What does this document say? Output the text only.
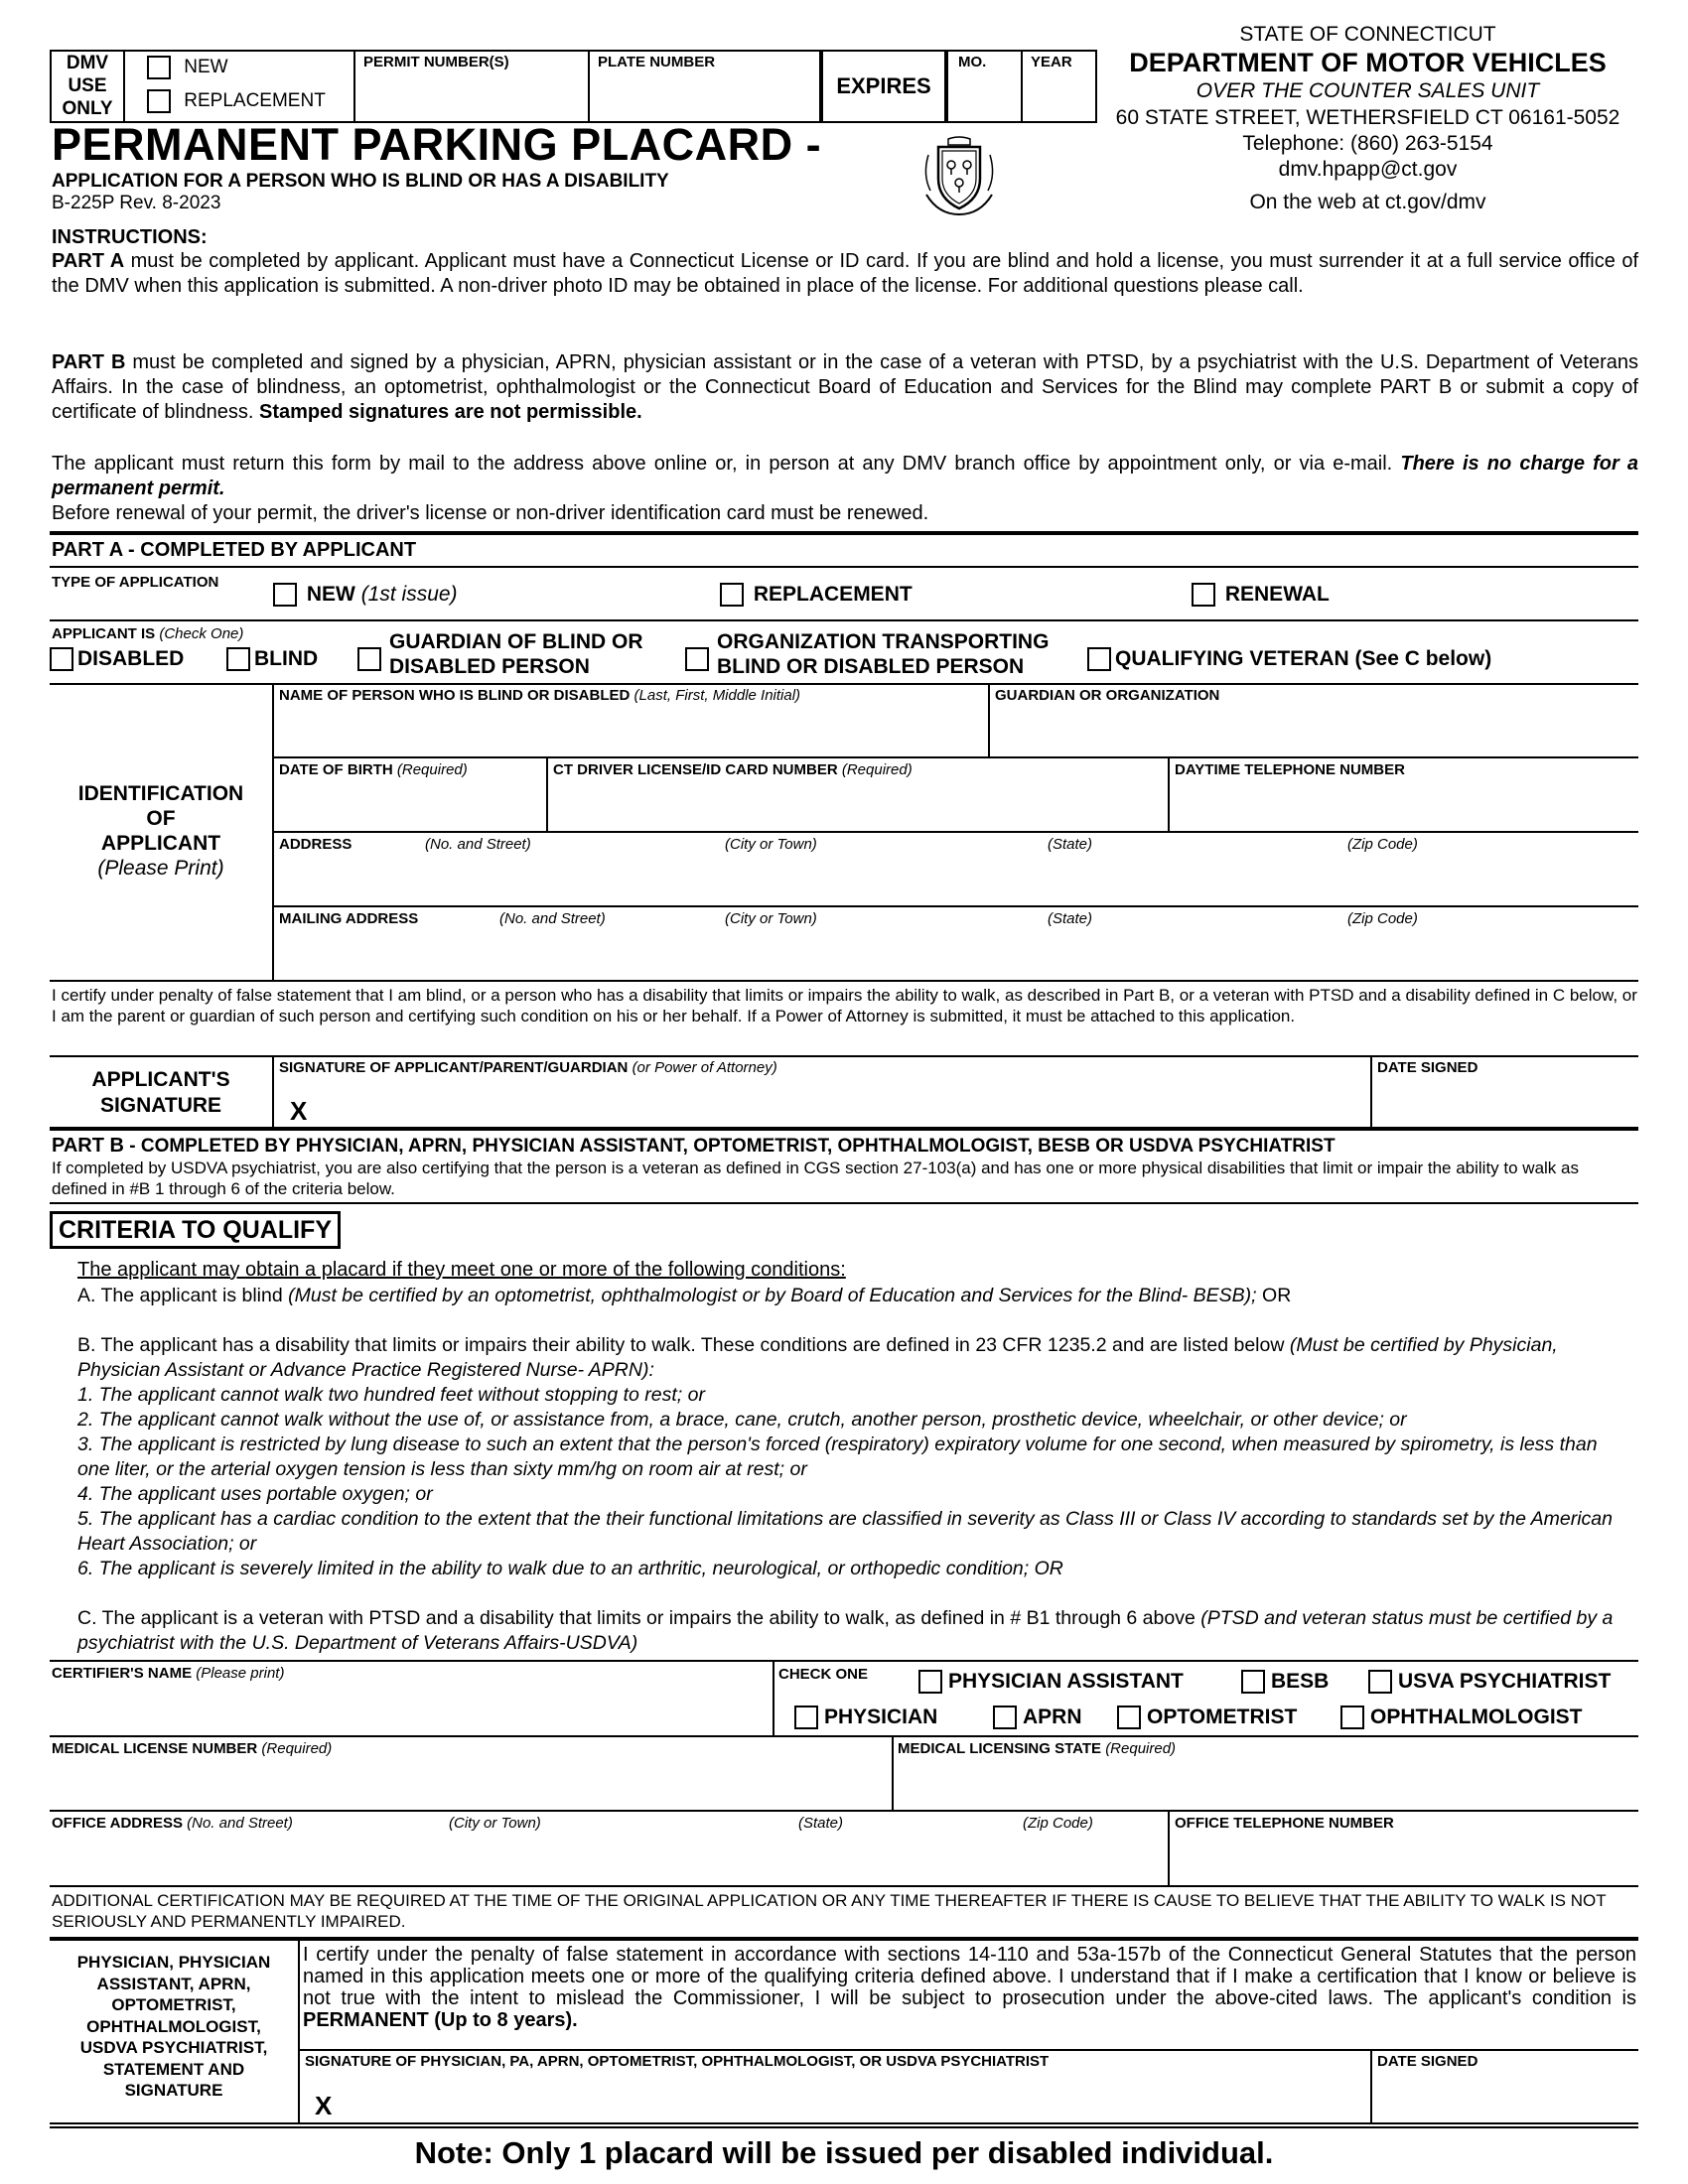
DMV
USE
ONLY
NEW
REPLACEMENT
PERMIT NUMBER(S)	PLATE NUMBER
EXPIRES
MO.	YEAR
STATE OF CONNECTICUT
DEPARTMENT OF MOTOR VEHICLES
OVER THE COUNTER SALES UNIT
60 STATE STREET, WETHERSFIELD CT 06161-5052
Telephone: (860) 263-5154
dmv.hpapp@ct.gov
On the web at ct.gov/dmv
PERMANENT PARKING PLACARD -
APPLICATION FOR A PERSON WHO IS BLIND OR HAS A DISABILITY
B-225P Rev. 8-2023
INSTRUCTIONS:
PART A must be completed by applicant. Applicant must have a Connecticut License or ID card. If you are blind and hold a license, you must surrender it at a full service office of the DMV when this application is submitted. A non-driver photo ID may be obtained in place of the license. For additional questions please call.
PART B must be completed and signed by a physician, APRN, physician assistant or in the case of a veteran with PTSD, by a psychiatrist with the U.S. Department of Veterans Affairs. In the case of blindness, an optometrist, ophthalmologist or the Connecticut Board of Education and Services for the Blind may complete PART B or submit a copy of certificate of blindness. Stamped signatures are not permissible.
The applicant must return this form by mail to the address above online or, in person at any DMV branch office by appointment only, or via e-mail. There is no charge for a permanent permit.
Before renewal of your permit, the driver's license or non-driver identification card must be renewed.
PART A - COMPLETED BY APPLICANT
TYPE OF APPLICATION
NEW (1st issue)	REPLACEMENT	RENEWAL
APPLICANT IS (Check One)
DISABLED	BLIND
GUARDIAN OF BLIND OR
DISABLED PERSON
ORGANIZATION TRANSPORTING
BLIND OR DISABLED PERSON	QUALIFYING VETERAN (See C below)
IDENTIFICATION
OF
APPLICANT
(Please Print)
NAME OF PERSON WHO IS BLIND OR DISABLED (Last, First, Middle Initial)	GUARDIAN OR ORGANIZATION
DATE OF BIRTH (Required)	CT DRIVER LICENSE/ID CARD NUMBER (Required)	DAYTIME TELEPHONE NUMBER
ADDRESS	(No. and Street)	(City or Town)	(State)	(Zip Code)
MAILING ADDRESS	(No. and Street)	(City or Town)	(State)	(Zip Code)
I certify under penalty of false statement that I am blind, or a person who has a disability that limits or impairs the ability to walk, as described in Part B, or a veteran with PTSD and a disability defined in C below, or I am the parent or guardian of such person and certifying such condition on his or her behalf. If a Power of Attorney is submitted, it must be attached to this application.
APPLICANT'S
SIGNATURE
SIGNATURE OF APPLICANT/PARENT/GUARDIAN (or Power of Attorney)
X
DATE SIGNED
PART B - COMPLETED BY PHYSICIAN, APRN, PHYSICIAN ASSISTANT, OPTOMETRIST, OPHTHALMOLOGIST, BESB OR USDVA PSYCHIATRIST
If completed by USDVA psychiatrist, you are also certifying that the person is a veteran as defined in CGS section 27-103(a) and has one or more physical disabilities that limit or impair the ability to walk as defined in #B 1 through 6 of the criteria below.
CRITERIA TO QUALIFY
The applicant may obtain a placard if they meet one or more of the following conditions:
A. The applicant is blind (Must be certified by an optometrist, ophthalmologist or by Board of Education and Services for the Blind- BESB); OR
B. The applicant has a disability that limits or impairs their ability to walk. These conditions are defined in 23 CFR 1235.2 and are listed below (Must be certified by Physician, Physician Assistant or Advance Practice Registered Nurse- APRN):
1. The applicant cannot walk two hundred feet without stopping to rest; or
2. The applicant cannot walk without the use of, or assistance from, a brace, cane, crutch, another person, prosthetic device, wheelchair, or other device; or
3. The applicant is restricted by lung disease to such an extent that the person's forced (respiratory) expiratory volume for one second, when measured by spirometry, is less than one liter, or the arterial oxygen tension is less than sixty mm/hg on room air at rest; or
4. The applicant uses portable oxygen; or
5. The applicant has a cardiac condition to the extent that the their functional limitations are classified in severity as Class III or Class IV according to standards set by the American Heart Association; or
6. The applicant is severely limited in the ability to walk due to an arthritic, neurological, or orthopedic condition; OR
C. The applicant is a veteran with PTSD and a disability that limits or impairs the ability to walk, as defined in # B1 through 6 above (PTSD and veteran status must be certified by a psychiatrist with the U.S. Department of Veterans Affairs-USDVA)
CERTIFIER'S NAME (Please print)	CHECK ONE	PHYSICIAN ASSISTANT	BESB	USVA PSYCHIATRIST
PHYSICIAN	APRN	OPTOMETRIST	OPHTHALMOLOGIST
MEDICAL LICENSE NUMBER (Required)	MEDICAL LICENSING STATE (Required)
OFFICE ADDRESS (No. and Street)	(City or Town)	(State)	(Zip Code)	OFFICE TELEPHONE NUMBER
ADDITIONAL CERTIFICATION MAY BE REQUIRED AT THE TIME OF THE ORIGINAL APPLICATION OR ANY TIME THEREAFTER IF THERE IS CAUSE TO BELIEVE THAT THE ABILITY TO WALK IS NOT SERIOUSLY AND PERMANENTLY IMPAIRED.
PHYSICIAN, PHYSICIAN
ASSISTANT, APRN,
OPTOMETRIST,
OPHTHALMOLOGIST,
USDVA PSYCHIATRIST,
STATEMENT AND
SIGNATURE
I certify under the penalty of false statement in accordance with sections 14-110 and 53a-157b of the Connecticut General Statutes that the person named in this application meets one or more of the qualifying criteria defined above. I understand that if I make a certification that I know or believe is not true with the intent to mislead the Commissioner, I will be subject to prosecution under the above-cited laws. The applicant's condition is PERMANENT (Up to 8 years).
SIGNATURE OF PHYSICIAN, PA, APRN, OPTOMETRIST, OPHTHALMOLOGIST, OR USDVA PSYCHIATRIST
X
DATE SIGNED
Note: Only 1 placard will be issued per disabled individual.
